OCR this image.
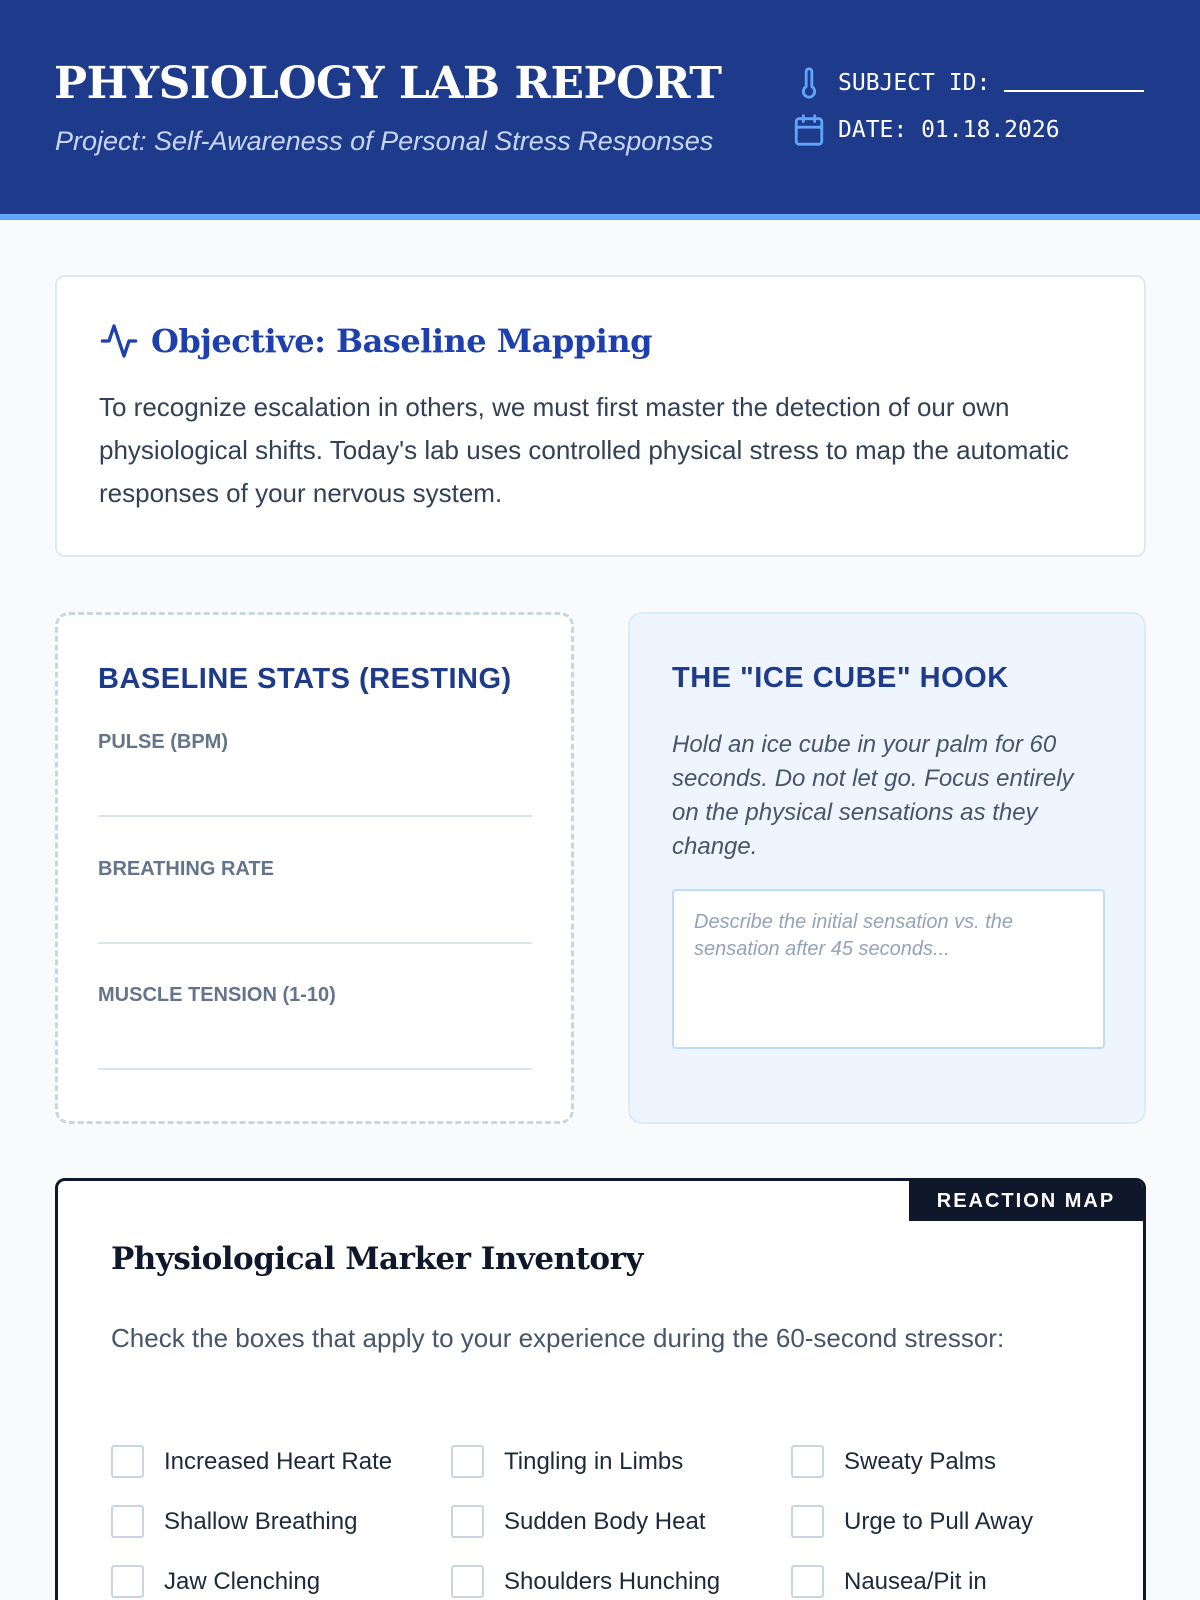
PHYSIOLOGY LAB REPORT
Project: Self-Awareness of Personal Stress Responses
SUBJECT ID:
DATE: 01.18.2026
Objective: Baseline Mapping

To recognize escalation in others, we must first master the detection of our own physiological shifts. Today's lab uses controlled physical stress to map the automatic responses of your nervous system.

BASELINE STATS (RESTING)
PULSE (BPM)
BREATHING RATE
MUSCLE TENSION (1-10)
THE "ICE CUBE" HOOK

Hold an ice cube in your palm for 60 seconds. Do not let go. Focus entirely on the physical sensations as they change.

Describe the initial sensation vs. the sensation after 45 seconds...
REACTION MAP
Physiological Marker Inventory

Check the boxes that apply to your experience during the 60-second stressor:

Increased Heart Rate	Tingling in Limbs	Sweaty Palms
Shallow Breathing	Sudden Body Heat	Urge to Pull Away
Jaw Clenching	Shoulders Hunching	Nausea/Pit in
